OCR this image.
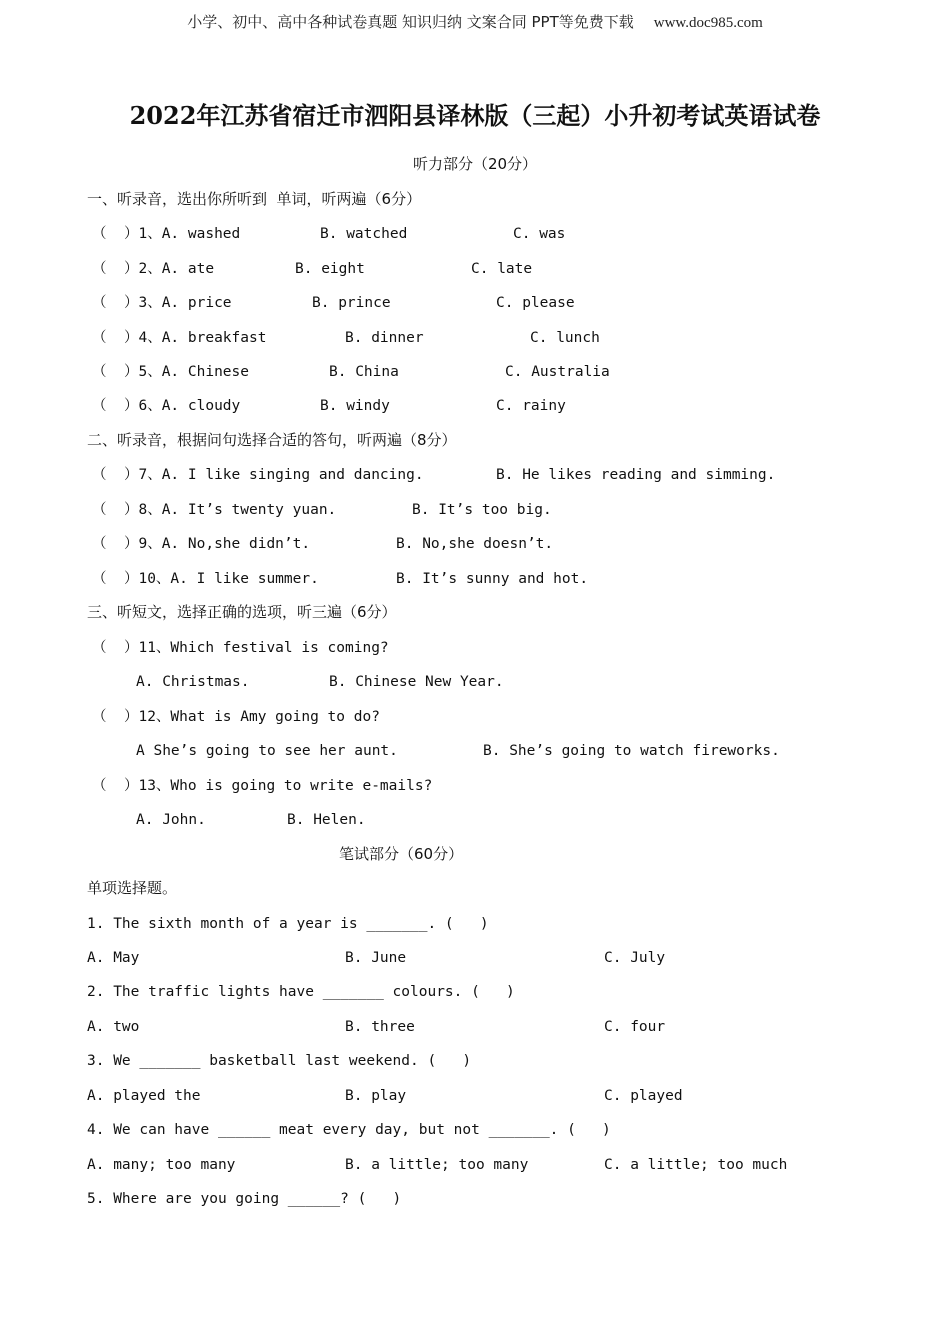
小学、初中、高中各种试卷真题 知识归纳 文案合同 PPT等免费下载 www.doc985.com
2022年江苏省宿迁市泗阳县译林版（三起）小升初考试英语试卷
听力部分（20分）
一、听录音，选出你所听到  单词，听两遍（6分）
（  ）1、A. washed	B. watched	C. was
（  ）2、A. ate	B. eight	C. late
（  ）3、A. price	B. prince	C. please
（  ）4、A. breakfast	B. dinner	C. lunch
（  ）5、A. Chinese	B. China	C. Australia
（  ）6、A. cloudy	B. windy	C. rainy
二、听录音，根据问句选择合适的答句，听两遍（8分）
（  ）7、A. I like singing and dancing.	B. He likes reading and simming.
（  ）8、A. It’s twenty yuan.	B. It’s too big.
（  ）9、A. No,she didn’t.	B. No,she doesn’t.
（  ）10、A. I like summer.	B. It’s sunny and hot.
三、听短文，选择正确的选项，听三遍（6分）
（  ）11、Which festival is coming?
A. Christmas.	B. Chinese New Year.
（  ）12、What is Amy going to do?
A She’s going to see her aunt.	B. She’s going to watch fireworks.
（  ）13、Who is going to write e-mails?
A. John.	B. Helen.
笔试部分（60分）
单项选择题。
1. The sixth month of a year is _______. (   )
A. May	B. June	C. July
2. The traffic lights have _______ colours. (   )
A. two	B. three	C. four
3. We _______ basketball last weekend. (   )
A. played the	B. play	C. played
4. We can have ______ meat every day, but not _______. (   )
A. many; too many	B. a little; too many	C. a little; too much
5. Where are you going ______? (   )
